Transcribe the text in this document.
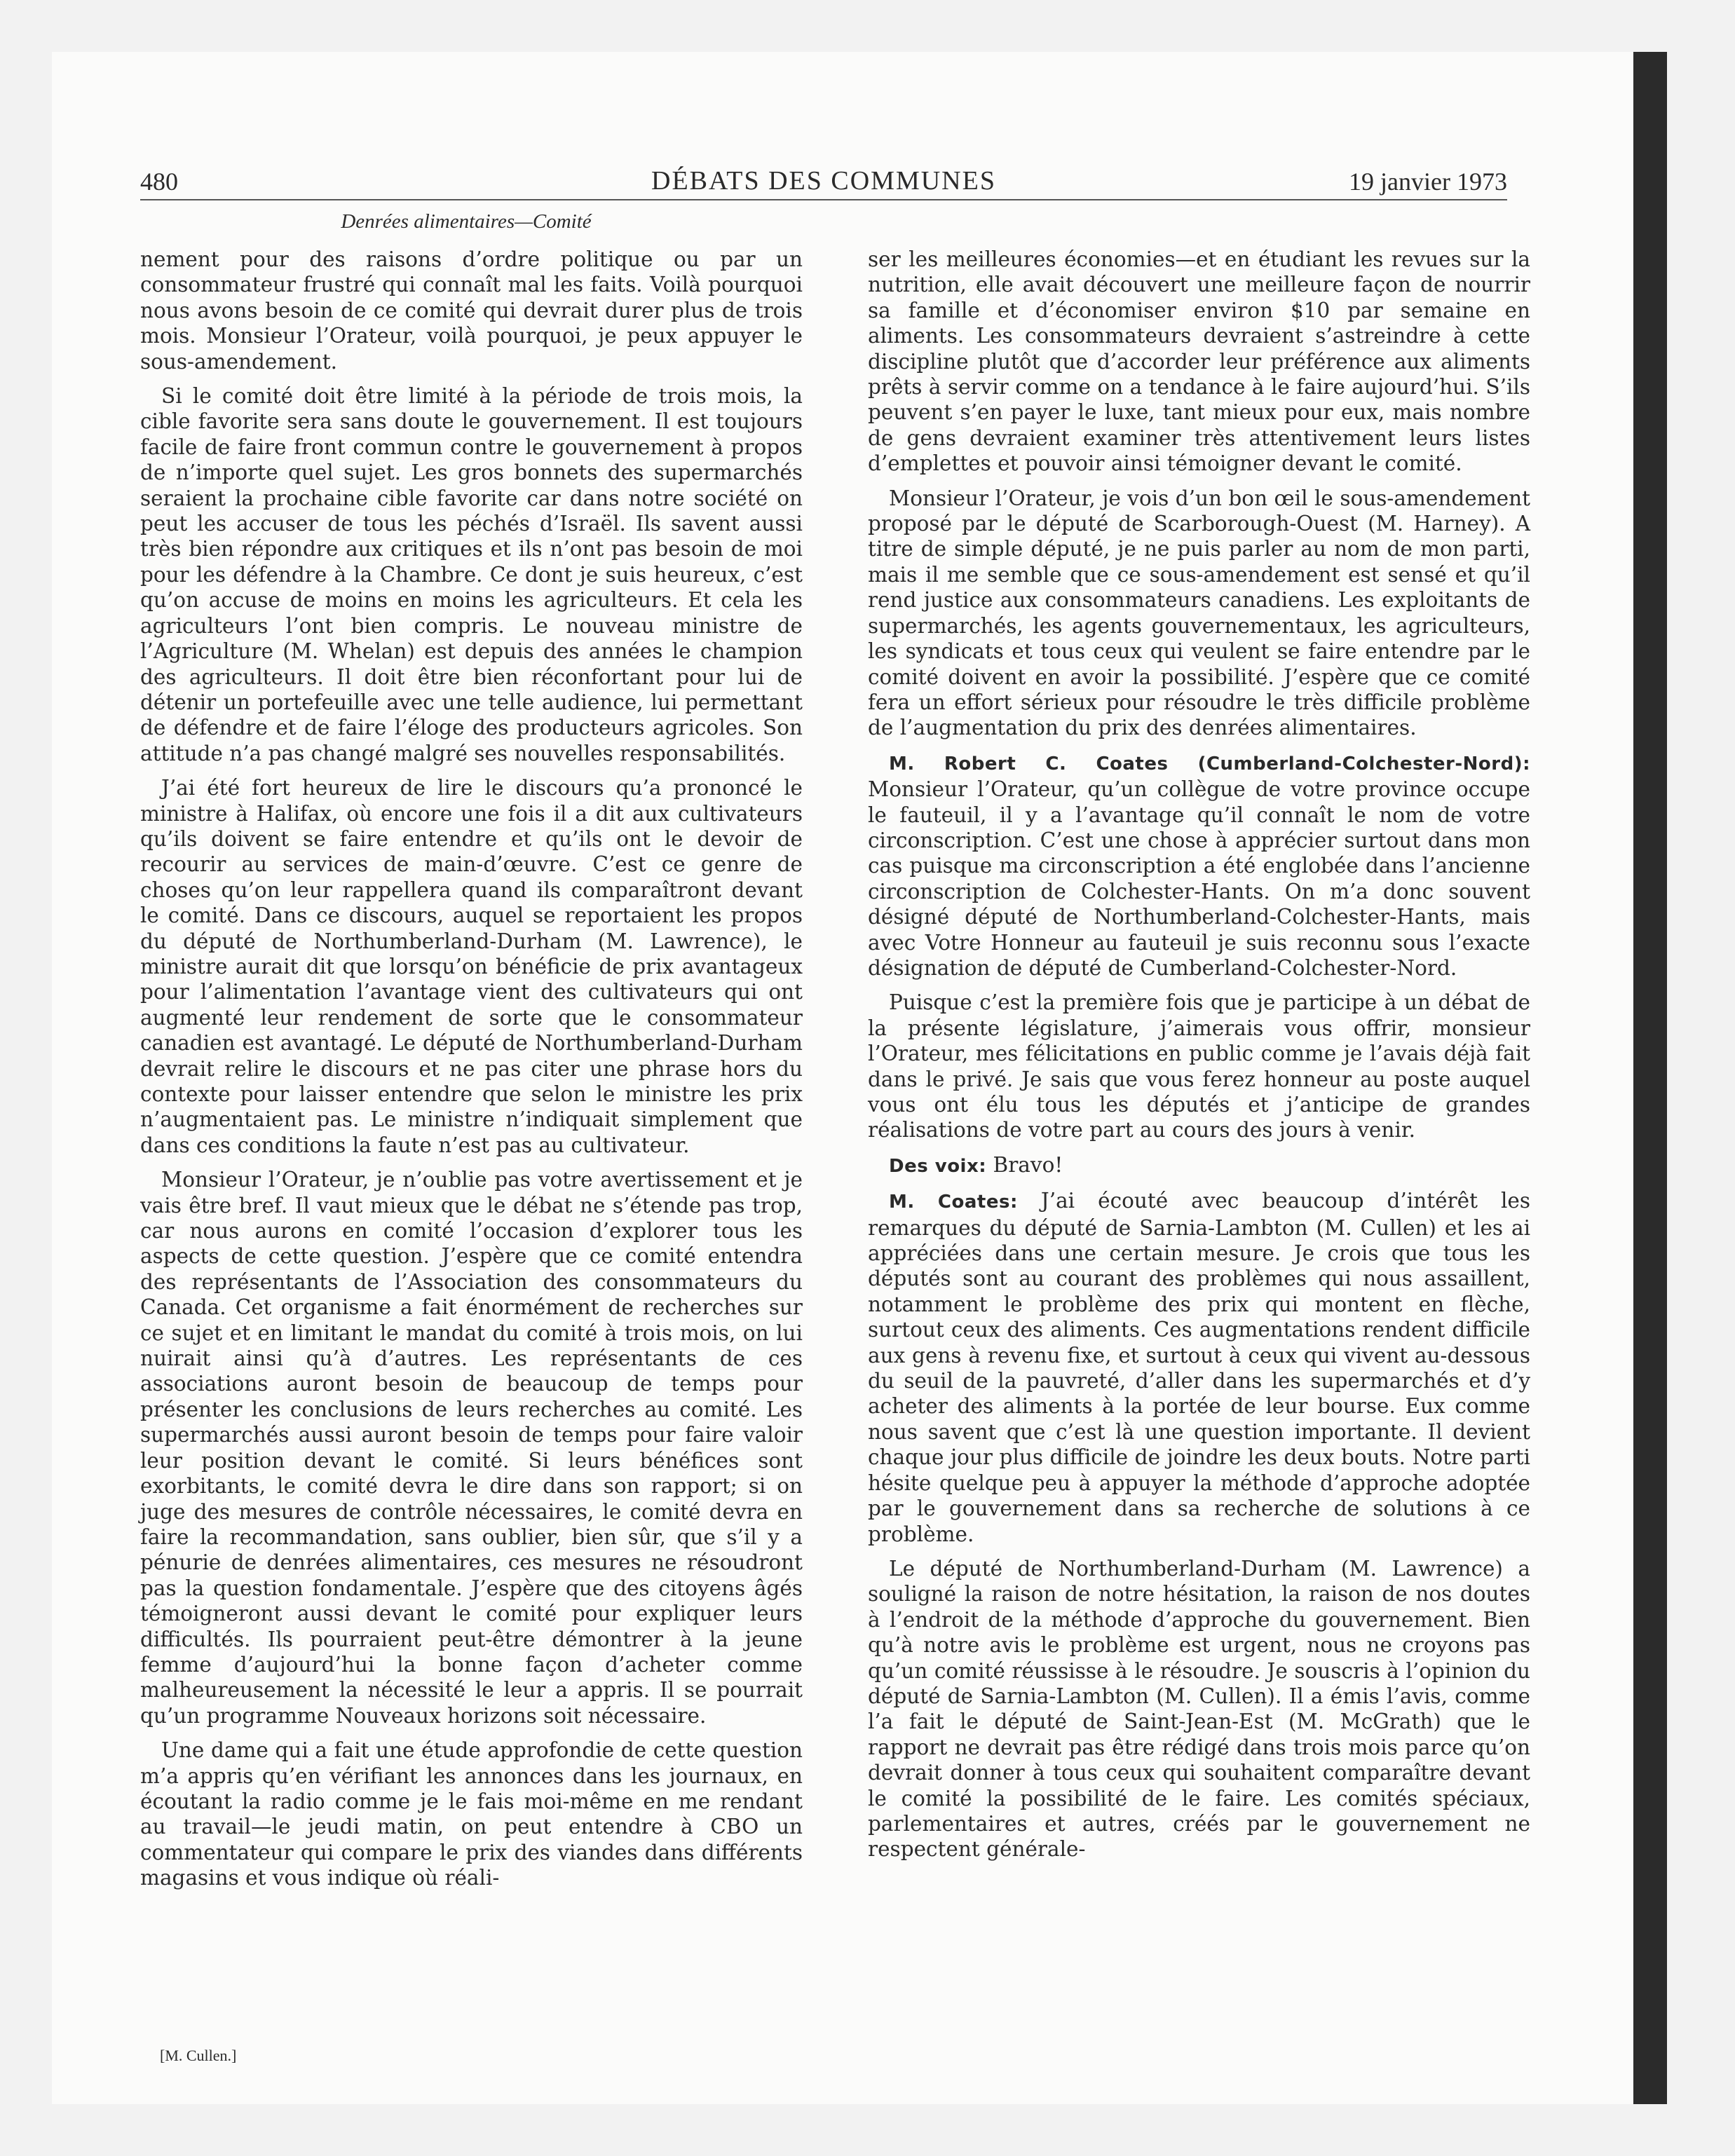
480	DÉBATS DES COMMUNES	19 janvier 1973
Denrées alimentaires—Comité

nement pour des raisons d’ordre politique ou par un consommateur frustré qui connaît mal les faits. Voilà pourquoi nous avons besoin de ce comité qui devrait durer plus de trois mois. Monsieur l’Orateur, voilà pourquoi, je peux appuyer le sous-amendement.

Si le comité doit être limité à la période de trois mois, la cible favorite sera sans doute le gouvernement. Il est toujours facile de faire front commun contre le gouvernement à propos de n’importe quel sujet. Les gros bonnets des supermarchés seraient la prochaine cible favorite car dans notre société on peut les accuser de tous les péchés d’Israël. Ils savent aussi très bien répondre aux critiques et ils n’ont pas besoin de moi pour les défendre à la Chambre. Ce dont je suis heureux, c’est qu’on accuse de moins en moins les agriculteurs. Et cela les agriculteurs l’ont bien compris. Le nouveau ministre de l’Agriculture (M. Whelan) est depuis des années le champion des agriculteurs. Il doit être bien réconfortant pour lui de détenir un portefeuille avec une telle audience, lui permettant de défendre et de faire l’éloge des producteurs agricoles. Son attitude n’a pas changé malgré ses nouvelles responsabilités.

J’ai été fort heureux de lire le discours qu’a prononcé le ministre à Halifax, où encore une fois il a dit aux cultivateurs qu’ils doivent se faire entendre et qu’ils ont le devoir de recourir au services de main-d’œuvre. C’est ce genre de choses qu’on leur rappellera quand ils comparaîtront devant le comité. Dans ce discours, auquel se reportaient les propos du député de Northumberland-Durham (M. Lawrence), le ministre aurait dit que lorsqu’on bénéficie de prix avantageux pour l’alimentation l’avantage vient des cultivateurs qui ont augmenté leur rendement de sorte que le consommateur canadien est avantagé. Le député de Northumberland-Durham devrait relire le discours et ne pas citer une phrase hors du contexte pour laisser entendre que selon le ministre les prix n’augmentaient pas. Le ministre n’indiquait simplement que dans ces conditions la faute n’est pas au cultivateur.

Monsieur l’Orateur, je n’oublie pas votre avertissement et je vais être bref. Il vaut mieux que le débat ne s’étende pas trop, car nous aurons en comité l’occasion d’explorer tous les aspects de cette question. J’espère que ce comité entendra des représentants de l’Association des consommateurs du Canada. Cet organisme a fait énormément de recherches sur ce sujet et en limitant le mandat du comité à trois mois, on lui nuirait ainsi qu’à d’autres. Les représentants de ces associations auront besoin de beaucoup de temps pour présenter les conclusions de leurs recherches au comité. Les supermarchés aussi auront besoin de temps pour faire valoir leur position devant le comité. Si leurs bénéfices sont exorbitants, le comité devra le dire dans son rapport; si on juge des mesures de contrôle nécessaires, le comité devra en faire la recommandation, sans oublier, bien sûr, que s’il y a pénurie de denrées alimentaires, ces mesures ne résoudront pas la question fondamentale. J’espère que des citoyens âgés témoigneront aussi devant le comité pour expliquer leurs difficultés. Ils pourraient peut-être démontrer à la jeune femme d’aujourd’hui la bonne façon d’acheter comme malheureusement la nécessité le leur a appris. Il se pourrait qu’un programme Nouveaux horizons soit nécessaire.

Une dame qui a fait une étude approfondie de cette question m’a appris qu’en vérifiant les annonces dans les journaux, en écoutant la radio comme je le fais moi-même en me rendant au travail—le jeudi matin, on peut entendre à CBO un commentateur qui compare le prix des viandes dans différents magasins et vous indique où réali-

ser les meilleures économies—et en étudiant les revues sur la nutrition, elle avait découvert une meilleure façon de nourrir sa famille et d’économiser environ $10 par semaine en aliments. Les consommateurs devraient s’astreindre à cette discipline plutôt que d’accorder leur préférence aux aliments prêts à servir comme on a tendance à le faire aujourd’hui. S’ils peuvent s’en payer le luxe, tant mieux pour eux, mais nombre de gens devraient examiner très attentivement leurs listes d’emplettes et pouvoir ainsi témoigner devant le comité.

Monsieur l’Orateur, je vois d’un bon œil le sous-amendement proposé par le député de Scarborough-Ouest (M. Harney). A titre de simple député, je ne puis parler au nom de mon parti, mais il me semble que ce sous-amendement est sensé et qu’il rend justice aux consommateurs canadiens. Les exploitants de supermarchés, les agents gouvernementaux, les agriculteurs, les syndicats et tous ceux qui veulent se faire entendre par le comité doivent en avoir la possibilité. J’espère que ce comité fera un effort sérieux pour résoudre le très difficile problème de l’augmentation du prix des denrées alimentaires.

M. Robert C. Coates (Cumberland-Colchester-Nord): Monsieur l’Orateur, qu’un collègue de votre province occupe le fauteuil, il y a l’avantage qu’il connaît le nom de votre circonscription. C’est une chose à apprécier surtout dans mon cas puisque ma circonscription a été englobée dans l’ancienne circonscription de Colchester-Hants. On m’a donc souvent désigné député de Northumberland-Colchester-Hants, mais avec Votre Honneur au fauteuil je suis reconnu sous l’exacte désignation de député de Cumberland-Colchester-Nord.

Puisque c’est la première fois que je participe à un débat de la présente législature, j’aimerais vous offrir, monsieur l’Orateur, mes félicitations en public comme je l’avais déjà fait dans le privé. Je sais que vous ferez honneur au poste auquel vous ont élu tous les députés et j’anticipe de grandes réalisations de votre part au cours des jours à venir.

Des voix: Bravo!

M. Coates: J’ai écouté avec beaucoup d’intérêt les remarques du député de Sarnia-Lambton (M. Cullen) et les ai appréciées dans une certain mesure. Je crois que tous les députés sont au courant des problèmes qui nous assaillent, notamment le problème des prix qui montent en flèche, surtout ceux des aliments. Ces augmentations rendent difficile aux gens à revenu fixe, et surtout à ceux qui vivent au-dessous du seuil de la pauvreté, d’aller dans les supermarchés et d’y acheter des aliments à la portée de leur bourse. Eux comme nous savent que c’est là une question importante. Il devient chaque jour plus difficile de joindre les deux bouts. Notre parti hésite quelque peu à appuyer la méthode d’approche adoptée par le gouvernement dans sa recherche de solutions à ce problème.

Le député de Northumberland-Durham (M. Lawrence) a souligné la raison de notre hésitation, la raison de nos doutes à l’endroit de la méthode d’approche du gouvernement. Bien qu’à notre avis le problème est urgent, nous ne croyons pas qu’un comité réussisse à le résoudre. Je souscris à l’opinion du député de Sarnia-Lambton (M. Cullen). Il a émis l’avis, comme l’a fait le député de Saint-Jean-Est (M. McGrath) que le rapport ne devrait pas être rédigé dans trois mois parce qu’on devrait donner à tous ceux qui souhaitent comparaître devant le comité la possibilité de le faire. Les comités spéciaux, parlementaires et autres, créés par le gouvernement ne respectent générale-

[M. Cullen.]
